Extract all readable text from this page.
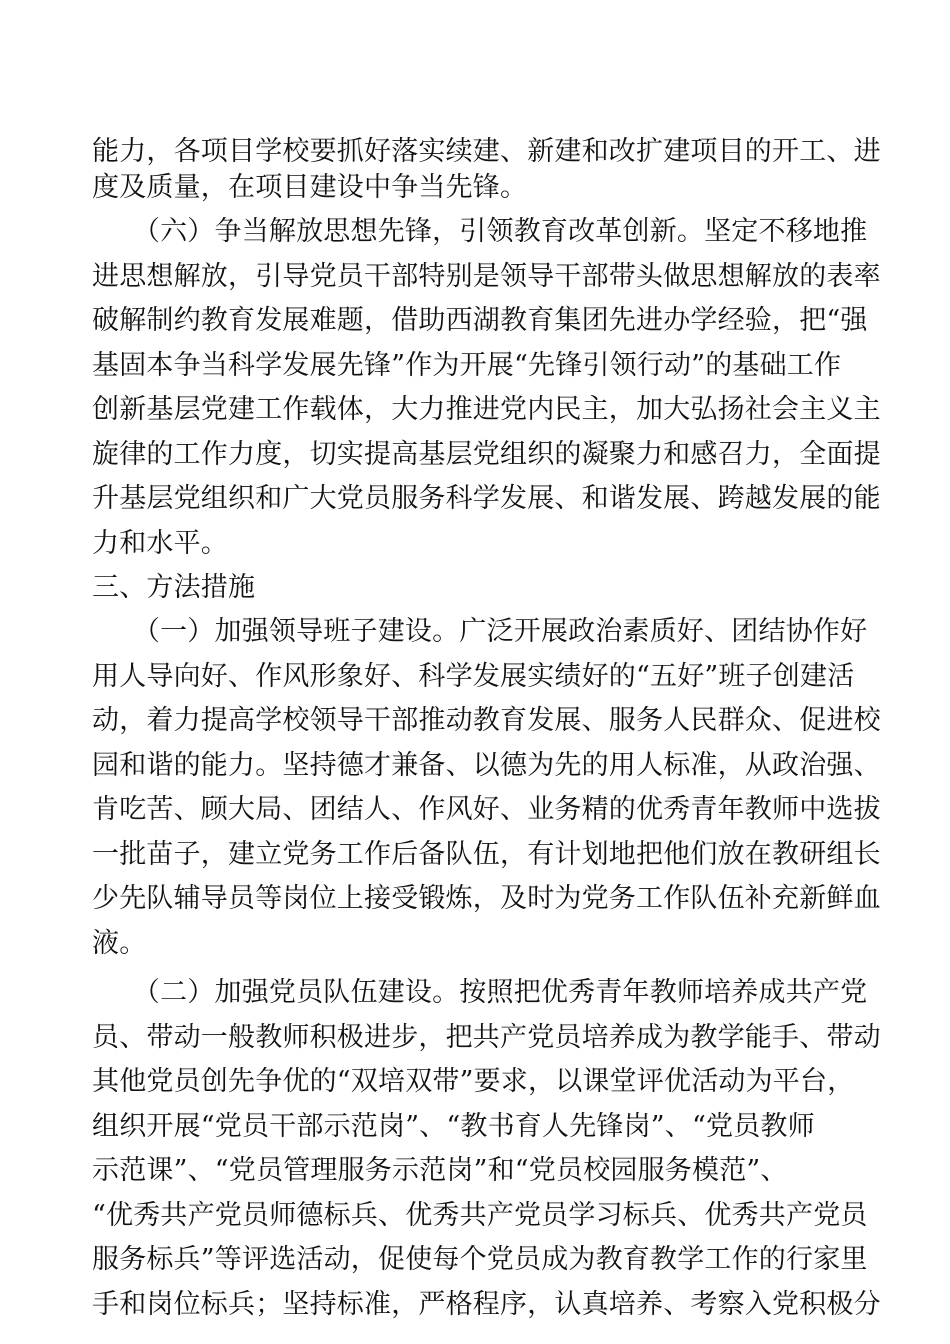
能力，各项目学校要抓好落实续建、新建和改扩建项目的开工、进
度及质量，在项目建设中争当先锋。
　　（六）争当解放思想先锋，引领教育改革创新。坚定不移地推
进思想解放，引导党员干部特别是领导干部带头做思想解放的表率
破解制约教育发展难题，借助西湖教育集团先进办学经验，把“强
基固本争当科学发展先锋”作为开展“先锋引领行动”的基础工作
创新基层党建工作载体，大力推进党内民主，加大弘扬社会主义主
旋律的工作力度，切实提高基层党组织的凝聚力和感召力，全面提
升基层党组织和广大党员服务科学发展、和谐发展、跨越发展的能
力和水平。
三、方法措施
　　（一）加强领导班子建设。广泛开展政治素质好、团结协作好
用人导向好、作风形象好、科学发展实绩好的“五好”班子创建活
动，着力提高学校领导干部推动教育发展、服务人民群众、促进校
园和谐的能力。坚持德才兼备、以德为先的用人标准，从政治强、
肯吃苦、顾大局、团结人、作风好、业务精的优秀青年教师中选拔
一批苗子，建立党务工作后备队伍，有计划地把他们放在教研组长
少先队辅导员等岗位上接受锻炼，及时为党务工作队伍补充新鲜血
液。
　　（二）加强党员队伍建设。按照把优秀青年教师培养成共产党
员、带动一般教师积极进步，把共产党员培养成为教学能手、带动
其他党员创先争优的“双培双带”要求，以课堂评优活动为平台，
组织开展“党员干部示范岗”、“教书育人先锋岗”、“党员教师
示范课”、“党员管理服务示范岗”和“党员校园服务模范”、
“优秀共产党员师德标兵、优秀共产党员学习标兵、优秀共产党员
服务标兵”等评选活动，促使每个党员成为教育教学工作的行家里
手和岗位标兵；坚持标准，严格程序，认真培养、考察入党积极分
